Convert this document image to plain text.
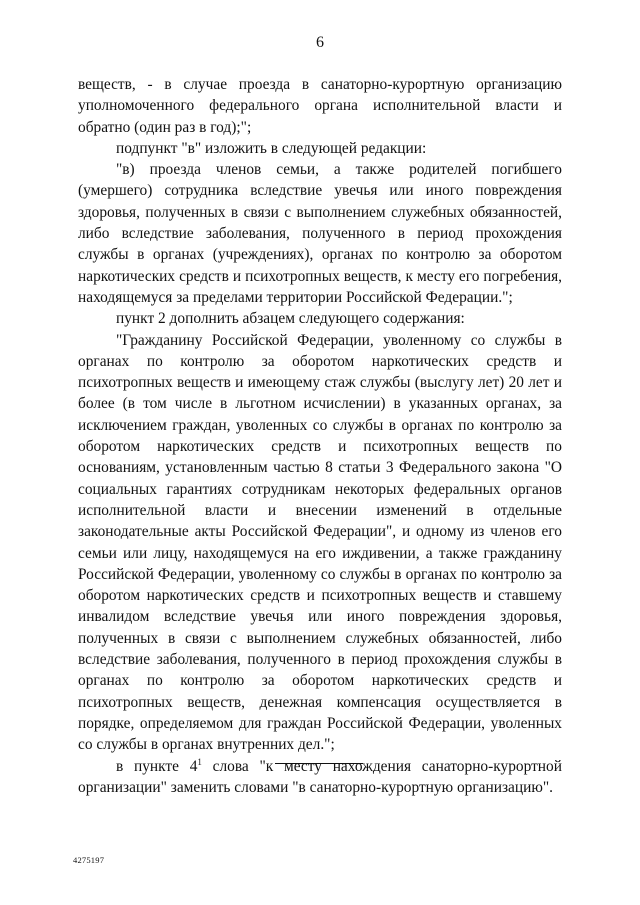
6

веществ, - в случае проезда в санаторно-курортную организацию уполномоченного федерального органа исполнительной власти и обратно (один раз в год);";

подпункт "в" изложить в следующей редакции:

"в) проезда членов семьи, а также родителей погибшего (умершего) сотрудника вследствие увечья или иного повреждения здоровья, полученных в связи с выполнением служебных обязанностей, либо вследствие заболевания, полученного в период прохождения службы в органах (учреждениях), органах по контролю за оборотом наркотических средств и психотропных веществ, к месту его погребения, находящемуся за пределами территории Российской Федерации.";

пункт 2 дополнить абзацем следующего содержания:

"Гражданину Российской Федерации, уволенному со службы в органах по контролю за оборотом наркотических средств и психотропных веществ и имеющему стаж службы (выслугу лет) 20 лет и более (в том числе в льготном исчислении) в указанных органах, за исключением граждан, уволенных со службы в органах по контролю за оборотом наркотических средств и психотропных веществ по основаниям, установленным частью 8 статьи 3 Федерального закона "О социальных гарантиях сотрудникам некоторых федеральных органов исполнительной власти и внесении изменений в отдельные законодательные акты Российской Федерации", и одному из членов его семьи или лицу, находящемуся на его иждивении, а также гражданину Российской Федерации, уволенному со службы в органах по контролю за оборотом наркотических средств и психотропных веществ и ставшему инвалидом вследствие увечья или иного повреждения здоровья, полученных в связи с выполнением служебных обязанностей, либо вследствие заболевания, полученного в период прохождения службы в органах по контролю за оборотом наркотических средств и психотропных веществ, денежная компенсация осуществляется в порядке, определяемом для граждан Российской Федерации, уволенных со службы в органах внутренних дел.";

в пункте $4^1$ слова "к месту нахождения санаторно-курортной организации" заменить словами "в санаторно-курортную организацию".

4275197
